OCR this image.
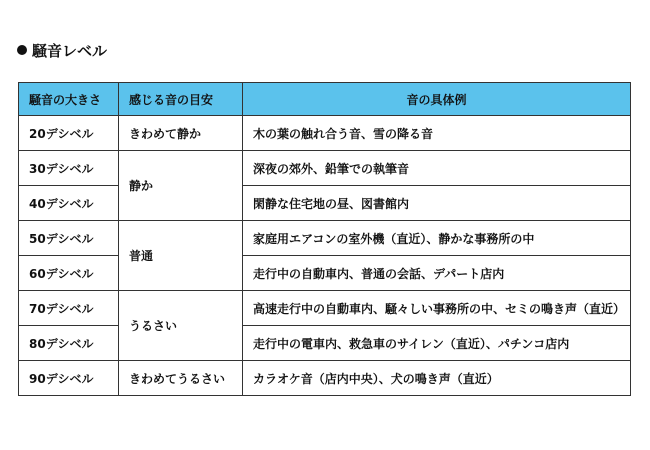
騒音レベル
騒音の大きさ	感じる音の目安	音の具体例
20デシベル	きわめて静か	木の葉の触れ合う音、雪の降る音
30デシベル	静か	深夜の郊外、鉛筆での執筆音
40デシベル		閑静な住宅地の昼、図書館内
50デシベル	普通	家庭用エアコンの室外機（直近）、静かな事務所の中
60デシベル		走行中の自動車内、普通の会話、デパート店内
70デシベル	うるさい	高速走行中の自動車内、騒々しい事務所の中、セミの鳴き声（直近）
80デシベル		走行中の電車内、救急車のサイレン（直近）、パチンコ店内
90デシベル	きわめてうるさい	カラオケ音（店内中央）、犬の鳴き声（直近）
